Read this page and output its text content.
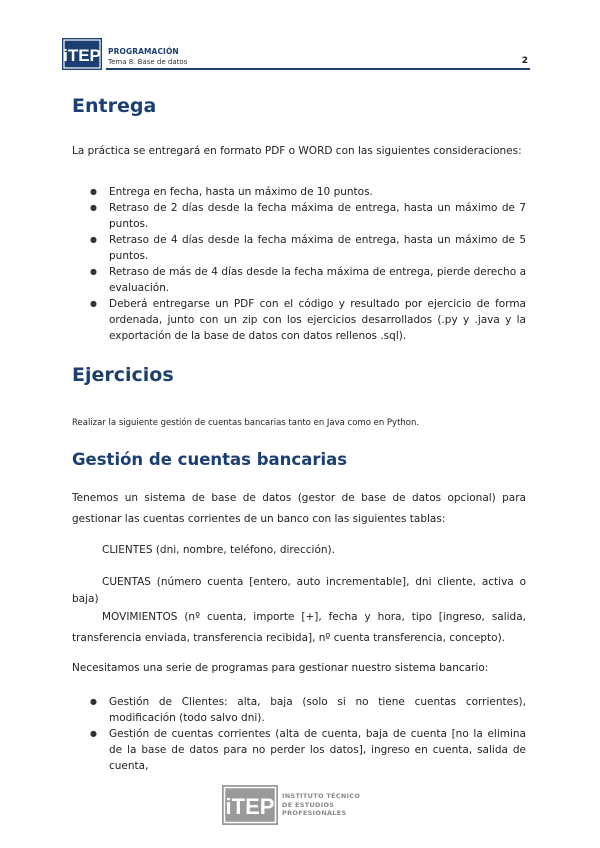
iTEP PROGRAMACIÓN
Tema 8. Base de datos	2
Entrega

La práctica se entregará en formato PDF o WORD con las siguientes consideraciones:

● Entrega en fecha, hasta un máximo de 10 puntos.
● Retraso de 2 días desde la fecha máxima de entrega, hasta un máximo de 7 puntos.
● Retraso de 4 días desde la fecha máxima de entrega, hasta un máximo de 5 puntos.
● Retraso de más de 4 días desde la fecha máxima de entrega, pierde derecho a evaluación.
● Deberá entregarse un PDF con el código y resultado por ejercicio de forma ordenada, junto con un zip con los ejercicios desarrollados (.py y .java y la exportación de la base de datos con datos rellenos .sql).
Ejercicios

Realizar la siguiente gestión de cuentas bancarias tanto en Java como en Python.

Gestión de cuentas bancarias

Tenemos un sistema de base de datos (gestor de base de datos opcional) para gestionar las cuentas corrientes de un banco con las siguientes tablas:

CLIENTES (dni, nombre, teléfono, dirección).

CUENTAS (número cuenta [entero, auto incrementable], dni cliente, activa o baja)

MOVIMIENTOS (nº cuenta, importe [+], fecha y hora, tipo [ingreso, salida, transferencia enviada, transferencia recibida], nº cuenta transferencia, concepto).

Necesitamos una serie de programas para gestionar nuestro sistema bancario:

● Gestión de Clientes: alta, baja (solo si no tiene cuentas corrientes), modificación (todo salvo dni).
● Gestión de cuentas corrientes (alta de cuenta, baja de cuenta [no la elimina de la base de datos para no perder los datos], ingreso en cuenta, salida de cuenta,
iTEP INSTITUTO TÉCNICO
DE ESTUDIOS
PROFESIONALES
